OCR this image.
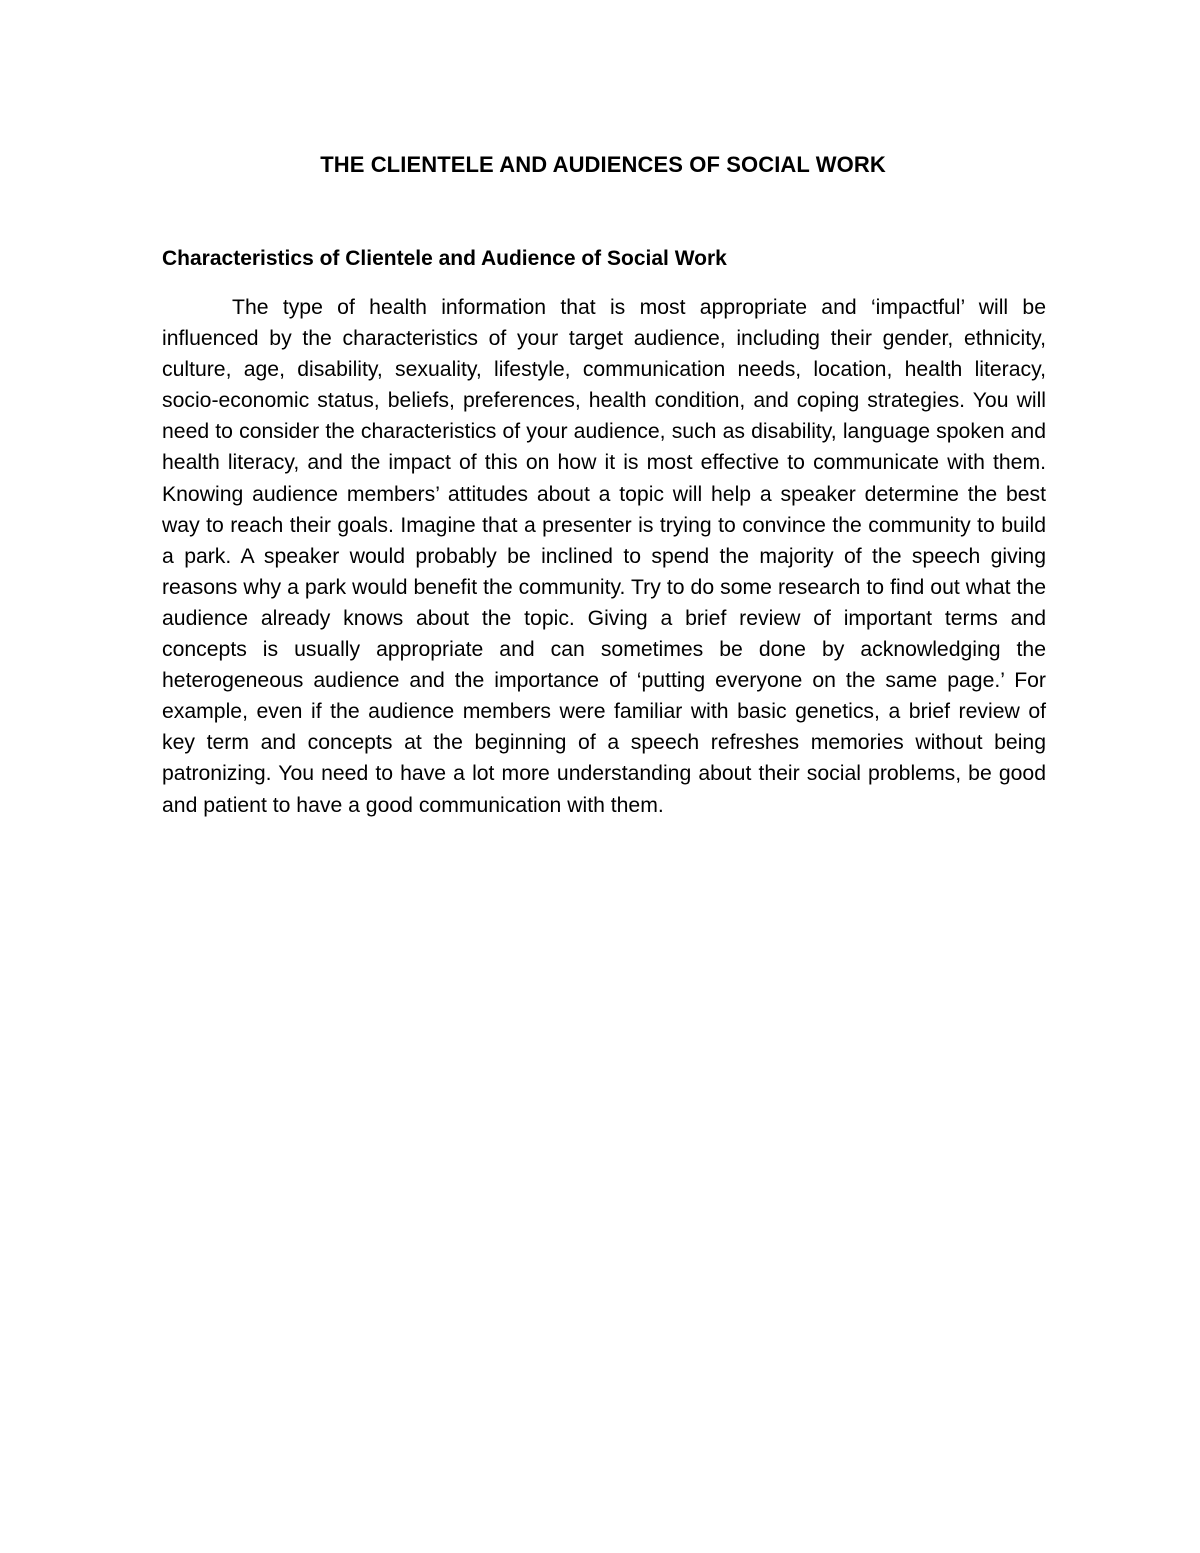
THE CLIENTELE AND AUDIENCES OF SOCIAL WORK
Characteristics of Clientele and Audience of Social Work

The type of health information that is most appropriate and ‘impactful’ will be influenced by the characteristics of your target audience, including their gender, ethnicity, culture, age, disability, sexuality, lifestyle, communication needs, location, health literacy, socio-economic status, beliefs, preferences, health condition, and coping strategies. You will need to consider the characteristics of your audience, such as disability, language spoken and health literacy, and the impact of this on how it is most effective to communicate with them. Knowing audience members’ attitudes about a topic will help a speaker determine the best way to reach their goals. Imagine that a presenter is trying to convince the community to build a park. A speaker would probably be inclined to spend the majority of the speech giving reasons why a park would benefit the community. Try to do some research to find out what the audience already knows about the topic. Giving a brief review of important terms and concepts is usually appropriate and can sometimes be done by acknowledging the heterogeneous audience and the importance of ‘putting everyone on the same page.’ For example, even if the audience members were familiar with basic genetics, a brief review of key term and concepts at the beginning of a speech refreshes memories without being patronizing. You need to have a lot more understanding about their social problems, be good and patient to have a good communication with them.
